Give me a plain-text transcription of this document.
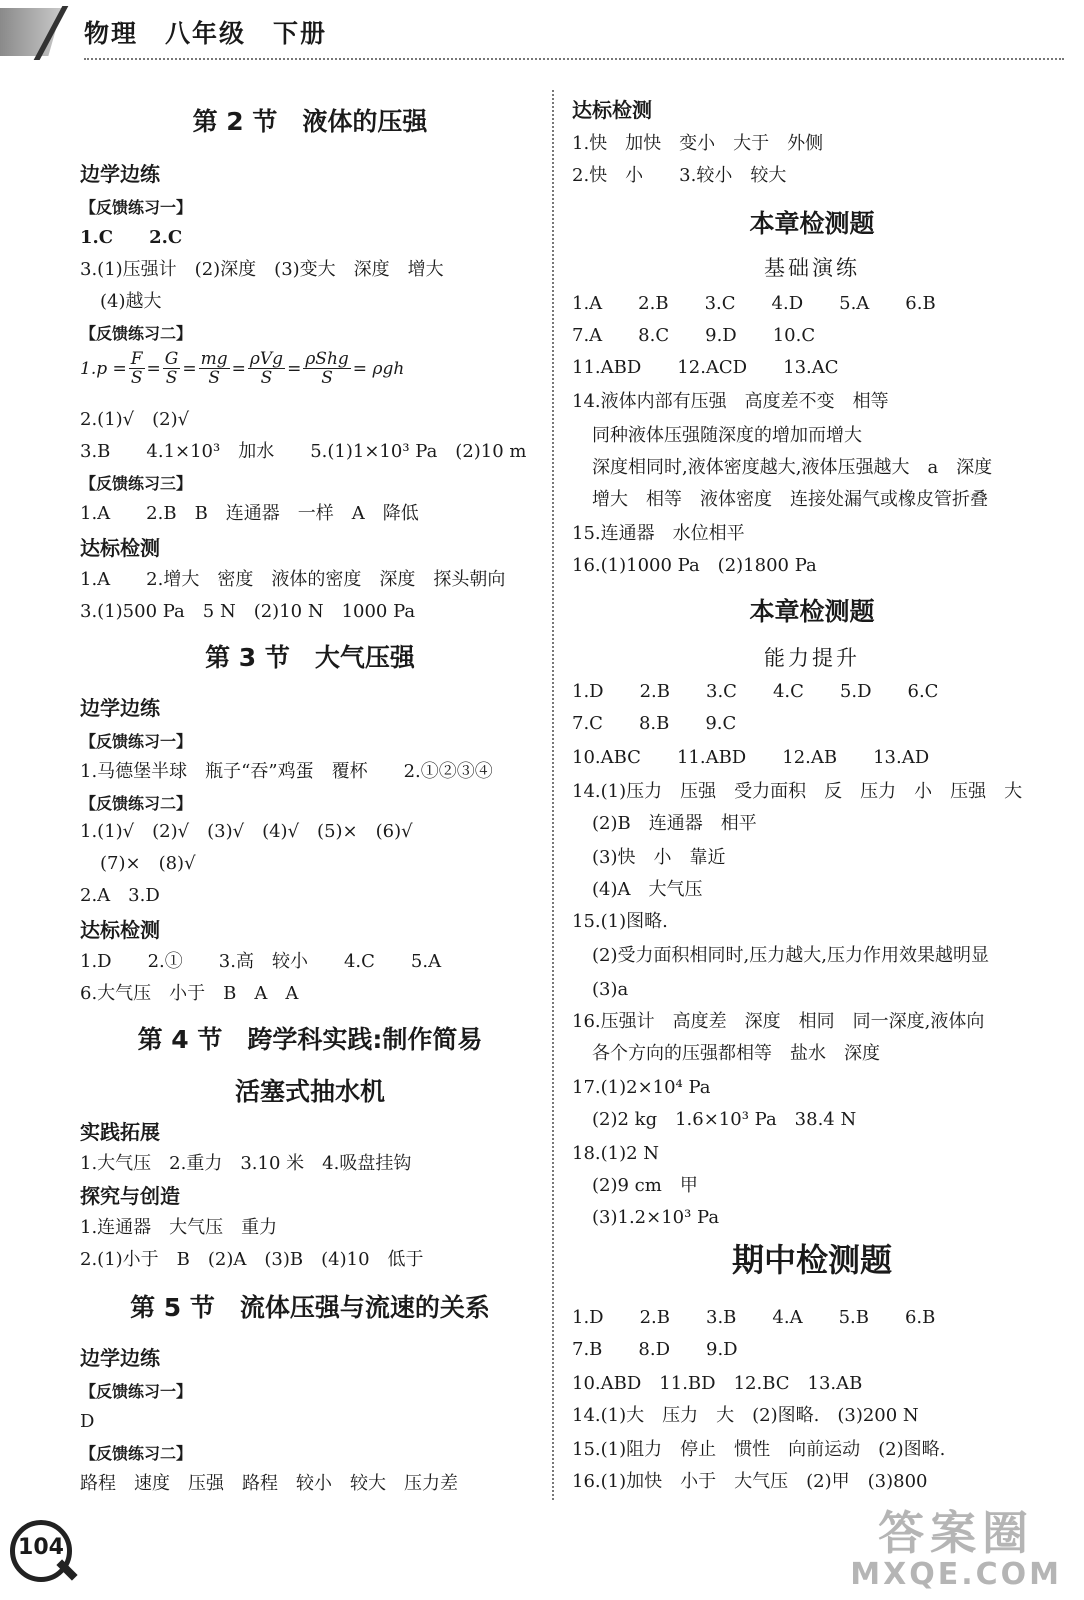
物理　八年级　下册
第 2 节　液体的压强
边学边练
【反馈练习一】
1.C　　2.C
3.(1)压强计　(2)深度　(3)变大　深度　增大
(4)越大
【反馈练习二】
$1.p = \frac{F}{S} = \frac{G}{S} = \frac{mg}{S} = \frac{\text{ρVg}}{S} = \frac{\text{ρShg}}{S} = \rho gh$
2.(1)√　(2)√
3.B　　4.1×10³　加水　　5.(1)1×10³ Pa　(2)10 m
【反馈练习三】
1.A　　2.B　B　连通器　一样　A　降低
达标检测
1.A　　2.增大　密度　液体的密度　深度　探头朝向
3.(1)500 Pa　5 N　(2)10 N　1000 Pa
第 3 节　大气压强
边学边练
【反馈练习一】
1.马德堡半球　瓶子“吞”鸡蛋　覆杯　　2.①②③④
【反馈练习二】
1.(1)√　(2)√　(3)√　(4)√　(5)×　(6)√
(7)×　(8)√
2.A　3.D
达标检测
1.D　　2.①　　3.高　较小　　4.C　　5.A
6.大气压　小于　B　A　A
第 4 节　跨学科实践:制作简易
活塞式抽水机
实践拓展
1.大气压　2.重力　3.10 米　4.吸盘挂钩
探究与创造
1.连通器　大气压　重力
2.(1)小于　B　(2)A　(3)B　(4)10　低于
第 5 节　流体压强与流速的关系
边学边练
【反馈练习一】
D
【反馈练习二】
路程　速度　压强　路程　较小　较大　压力差
达标检测
1.快　加快　变小　大于　外侧
2.快　小　　3.较小　较大
本章检测题
基础演练
1.A　　2.B　　3.C　　4.D　　5.A　　6.B
7.A　　8.C　　9.D　　10.C
11.ABD　　12.ACD　　13.AC
14.液体内部有压强　高度差不变　相等
同种液体压强随深度的增加而增大
深度相同时,液体密度越大,液体压强越大　a　深度
增大　相等　液体密度　连接处漏气或橡皮管折叠
15.连通器　水位相平
16.(1)1000 Pa　(2)1800 Pa
本章检测题
能力提升
1.D　　2.B　　3.C　　4.C　　5.D　　6.C
7.C　　8.B　　9.C
10.ABC　　11.ABD　　12.AB　　13.AD
14.(1)压力　压强　受力面积　反　压力　小　压强　大
(2)B　连通器　相平
(3)快　小　靠近
(4)A　大气压
15.(1)图略.
(2)受力面积相同时,压力越大,压力作用效果越明显
(3)a
16.压强计　高度差　深度　相同　同一深度,液体向
各个方向的压强都相等　盐水　深度
17.(1)2×10⁴ Pa
(2)2 kg　1.6×10³ Pa　38.4 N
18.(1)2 N
(2)9 cm　甲
(3)1.2×10³ Pa
期中检测题
1.D　　2.B　　3.B　　4.A　　5.B　　6.B
7.B　　8.D　　9.D
10.ABD　11.BD　12.BC　13.AB
14.(1)大　压力　大　(2)图略.　(3)200 N
15.(1)阻力　停止　惯性　向前运动　(2)图略.
16.(1)加快　小于　大气压　(2)甲　(3)800
104	答案圈
MXQE.COM
